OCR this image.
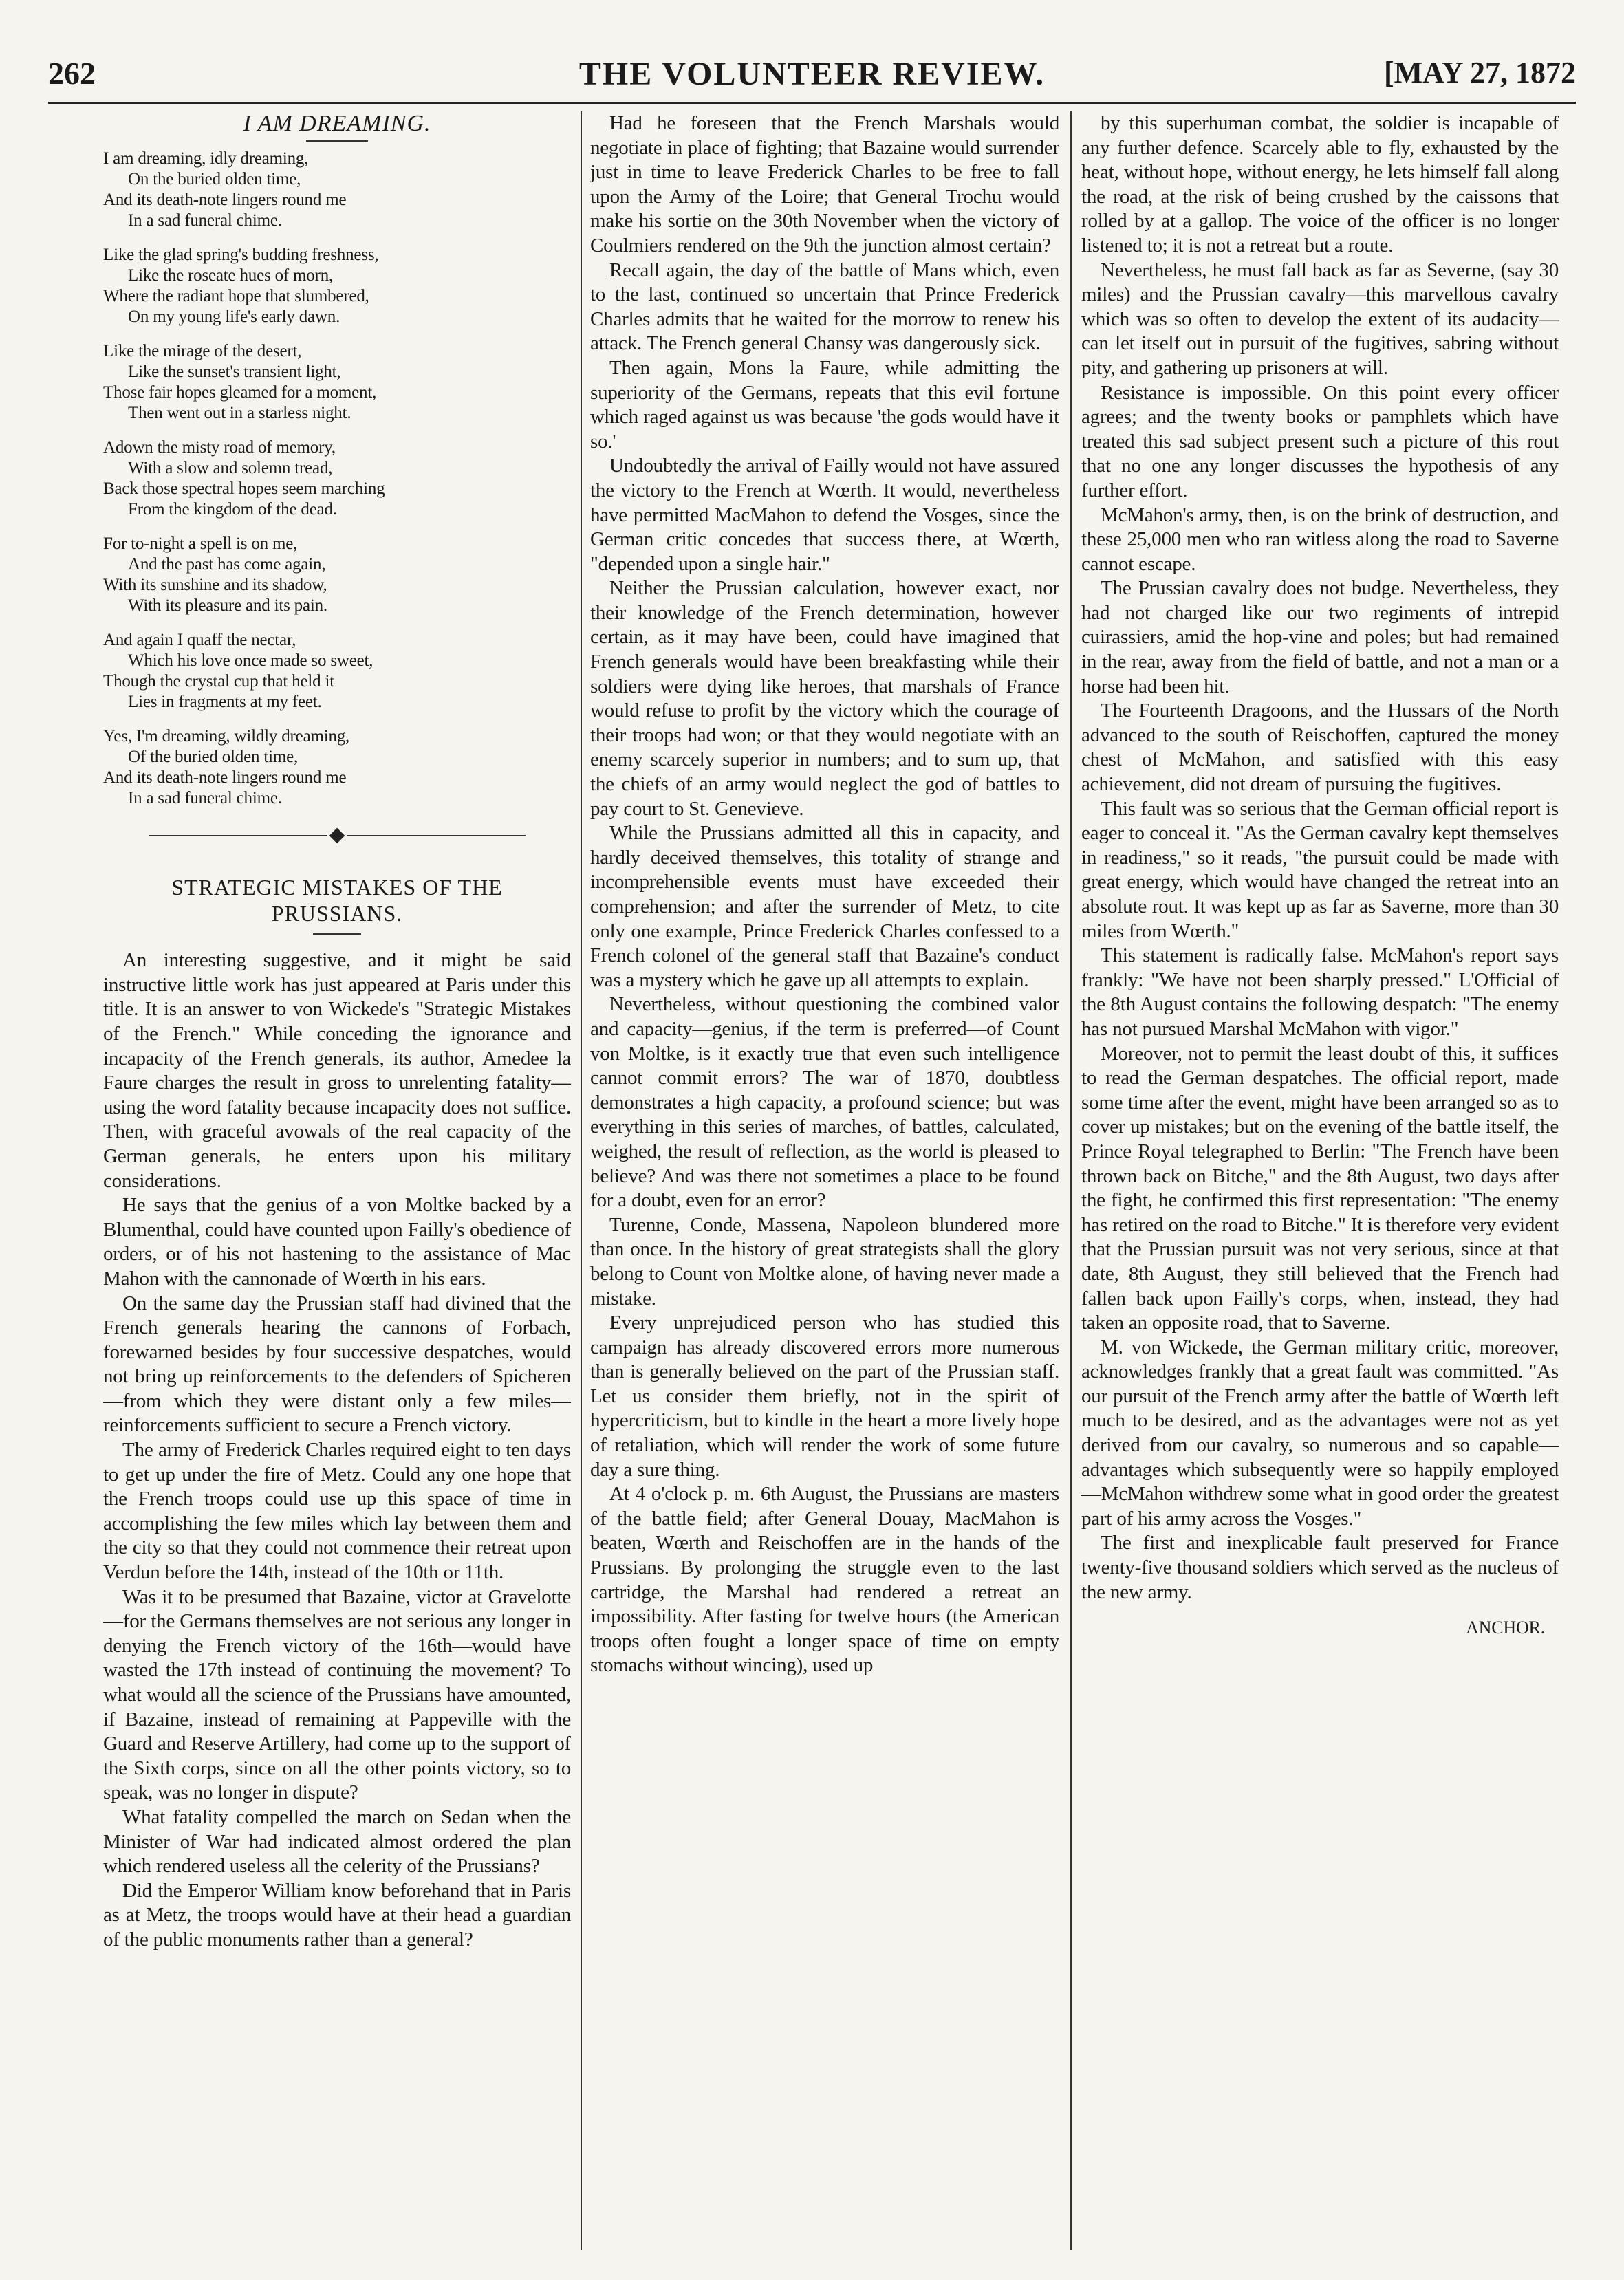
262	THE VOLUNTEER REVIEW.	[MAY 27, 1872
I AM DREAMING.
I am dreaming, idly dreaming,
On the buried olden time,
And its death-note lingers round me
In a sad funeral chime.
Like the glad spring's budding freshness,
Like the roseate hues of morn,
Where the radiant hope that slumbered,
On my young life's early dawn.
Like the mirage of the desert,
Like the sunset's transient light,
Those fair hopes gleamed for a moment,
Then went out in a starless night.
Adown the misty road of memory,
With a slow and solemn tread,
Back those spectral hopes seem marching
From the kingdom of the dead.
For to-night a spell is on me,
And the past has come again,
With its sunshine and its shadow,
With its pleasure and its pain.
And again I quaff the nectar,
Which his love once made so sweet,
Though the crystal cup that held it
Lies in fragments at my feet.
Yes, I'm dreaming, wildly dreaming,
Of the buried olden time,
And its death-note lingers round me
In a sad funeral chime.
STRATEGIC MISTAKES OF THE PRUSSIANS.

An interesting suggestive, and it might be said instructive little work has just appeared at Paris under this title. It is an answer to von Wickede's "Strategic Mistakes of the French." While conceding the ignorance and incapacity of the French generals, its author, Amedee la Faure charges the result in gross to unrelenting fatality—using the word fatality because incapacity does not suffice. Then, with graceful avowals of the real capacity of the German generals, he enters upon his military considerations.

He says that the genius of a von Moltke backed by a Blumenthal, could have counted upon Failly's obedience of orders, or of his not hastening to the assistance of Mac Mahon with the cannonade of Wœrth in his ears.

On the same day the Prussian staff had divined that the French generals hearing the cannons of Forbach, forewarned besides by four successive despatches, would not bring up reinforcements to the defenders of Spicheren—from which they were distant only a few miles—reinforcements sufficient to secure a French victory.

The army of Frederick Charles required eight to ten days to get up under the fire of Metz. Could any one hope that the French troops could use up this space of time in accomplishing the few miles which lay between them and the city so that they could not commence their retreat upon Verdun before the 14th, instead of the 10th or 11th.

Was it to be presumed that Bazaine, victor at Gravelotte—for the Germans themselves are not serious any longer in denying the French victory of the 16th—would have wasted the 17th instead of continuing the movement? To what would all the science of the Prussians have amounted, if Bazaine, instead of remaining at Pappeville with the Guard and Reserve Artillery, had come up to the support of the Sixth corps, since on all the other points victory, so to speak, was no longer in dispute?

What fatality compelled the march on Sedan when the Minister of War had indicated almost ordered the plan which rendered useless all the celerity of the Prussians?

Did the Emperor William know beforehand that in Paris as at Metz, the troops would have at their head a guardian of the public monuments rather than a general?

Had he foreseen that the French Marshals would negotiate in place of fighting; that Bazaine would surrender just in time to leave Frederick Charles to be free to fall upon the Army of the Loire; that General Trochu would make his sortie on the 30th November when the victory of Coulmiers rendered on the 9th the junction almost certain?

Recall again, the day of the battle of Mans which, even to the last, continued so uncertain that Prince Frederick Charles admits that he waited for the morrow to renew his attack. The French general Chansy was dangerously sick.

Then again, Mons la Faure, while admitting the superiority of the Germans, repeats that this evil fortune which raged against us was because 'the gods would have it so.'

Undoubtedly the arrival of Failly would not have assured the victory to the French at Wœrth. It would, nevertheless have permitted MacMahon to defend the Vosges, since the German critic concedes that success there, at Wœrth, "depended upon a single hair."

Neither the Prussian calculation, however exact, nor their knowledge of the French determination, however certain, as it may have been, could have imagined that French generals would have been breakfasting while their soldiers were dying like heroes, that marshals of France would refuse to profit by the victory which the courage of their troops had won; or that they would negotiate with an enemy scarcely superior in numbers; and to sum up, that the chiefs of an army would neglect the god of battles to pay court to St. Genevieve.

While the Prussians admitted all this in capacity, and hardly deceived themselves, this totality of strange and incomprehensible events must have exceeded their comprehension; and after the surrender of Metz, to cite only one example, Prince Frederick Charles confessed to a French colonel of the general staff that Bazaine's conduct was a mystery which he gave up all attempts to explain.

Nevertheless, without questioning the combined valor and capacity—genius, if the term is preferred—of Count von Moltke, is it exactly true that even such intelligence cannot commit errors? The war of 1870, doubtless demonstrates a high capacity, a profound science; but was everything in this series of marches, of battles, calculated, weighed, the result of reflection, as the world is pleased to believe? And was there not sometimes a place to be found for a doubt, even for an error?

Turenne, Conde, Massena, Napoleon blundered more than once. In the history of great strategists shall the glory belong to Count von Moltke alone, of having never made a mistake.

Every unprejudiced person who has studied this campaign has already discovered errors more numerous than is generally believed on the part of the Prussian staff. Let us consider them briefly, not in the spirit of hypercriticism, but to kindle in the heart a more lively hope of retaliation, which will render the work of some future day a sure thing.

At 4 o'clock p. m. 6th August, the Prussians are masters of the battle field; after General Douay, MacMahon is beaten, Wœrth and Reischoffen are in the hands of the Prussians. By prolonging the struggle even to the last cartridge, the Marshal had rendered a retreat an impossibility. After fasting for twelve hours (the American troops often fought a longer space of time on empty stomachs without wincing), used up

by this superhuman combat, the soldier is incapable of any further defence. Scarcely able to fly, exhausted by the heat, without hope, without energy, he lets himself fall along the road, at the risk of being crushed by the caissons that rolled by at a gallop. The voice of the officer is no longer listened to; it is not a retreat but a route.

Nevertheless, he must fall back as far as Severne, (say 30 miles) and the Prussian cavalry—this marvellous cavalry which was so often to develop the extent of its audacity—can let itself out in pursuit of the fugitives, sabring without pity, and gathering up prisoners at will.

Resistance is impossible. On this point every officer agrees; and the twenty books or pamphlets which have treated this sad subject present such a picture of this rout that no one any longer discusses the hypothesis of any further effort.

McMahon's army, then, is on the brink of destruction, and these 25,000 men who ran witless along the road to Saverne cannot escape.

The Prussian cavalry does not budge. Nevertheless, they had not charged like our two regiments of intrepid cuirassiers, amid the hop-vine and poles; but had remained in the rear, away from the field of battle, and not a man or a horse had been hit.

The Fourteenth Dragoons, and the Hussars of the North advanced to the south of Reischoffen, captured the money chest of McMahon, and satisfied with this easy achievement, did not dream of pursuing the fugitives.

This fault was so serious that the German official report is eager to conceal it. "As the German cavalry kept themselves in readiness," so it reads, "the pursuit could be made with great energy, which would have changed the retreat into an absolute rout. It was kept up as far as Saverne, more than 30 miles from Wœrth."

This statement is radically false. McMahon's report says frankly: "We have not been sharply pressed." L'Official of the 8th August contains the following despatch: "The enemy has not pursued Marshal McMahon with vigor."

Moreover, not to permit the least doubt of this, it suffices to read the German despatches. The official report, made some time after the event, might have been arranged so as to cover up mistakes; but on the evening of the battle itself, the Prince Royal telegraphed to Berlin: "The French have been thrown back on Bitche," and the 8th August, two days after the fight, he confirmed this first representation: "The enemy has retired on the road to Bitche." It is therefore very evident that the Prussian pursuit was not very serious, since at that date, 8th August, they still believed that the French had fallen back upon Failly's corps, when, instead, they had taken an opposite road, that to Saverne.

M. von Wickede, the German military critic, moreover, acknowledges frankly that a great fault was committed. "As our pursuit of the French army after the battle of Wœrth left much to be desired, and as the advantages were not as yet derived from our cavalry, so numerous and so capable—advantages which subsequently were so happily employed—McMahon withdrew some what in good order the greatest part of his army across the Vosges."

The first and inexplicable fault preserved for France twenty-five thousand soldiers which served as the nucleus of the new army.

ANCHOR.
